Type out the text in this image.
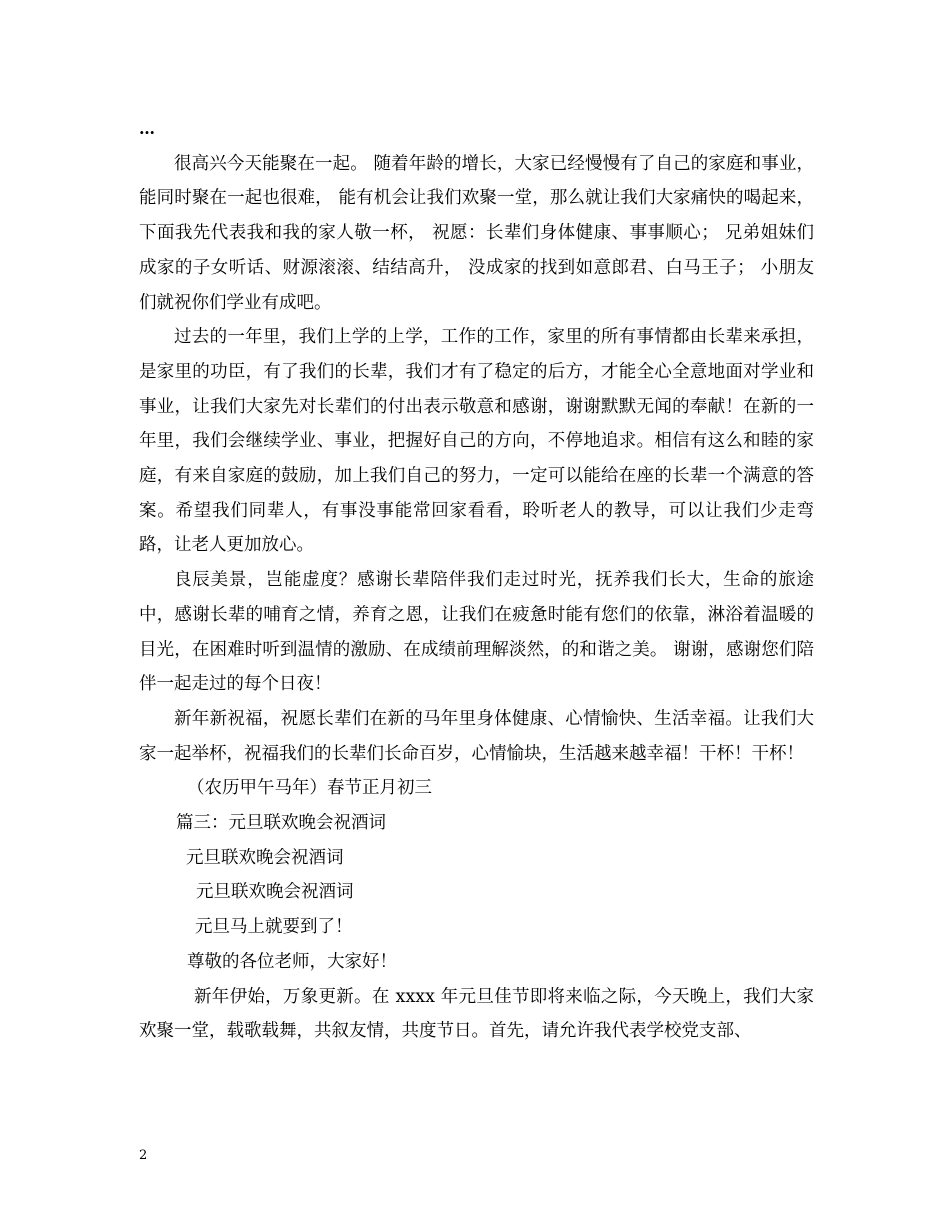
…

很高兴今天能聚在一起。 随着年龄的增长，大家已经慢慢有了自己的家庭和事业，能同时聚在一起也很难， 能有机会让我们欢聚一堂，那么就让我们大家痛快的喝起来，下面我先代表我和我的家人敬一杯， 祝愿：长辈们身体健康、事事顺心； 兄弟姐妹们成家的子女听话、财源滚滚、结结高升， 没成家的找到如意郎君、白马王子； 小朋友们就祝你们学业有成吧。

过去的一年里，我们上学的上学，工作的工作，家里的所有事情都由长辈来承担，是家里的功臣，有了我们的长辈，我们才有了稳定的后方，才能全心全意地面对学业和事业，让我们大家先对长辈们的付出表示敬意和感谢，谢谢默默无闻的奉献！在新的一年里，我们会继续学业、事业，把握好自己的方向，不停地追求。相信有这么和睦的家庭，有来自家庭的鼓励，加上我们自己的努力，一定可以能给在座的长辈一个满意的答案。希望我们同辈人，有事没事能常回家看看，聆听老人的教导，可以让我们少走弯路，让老人更加放心。

良辰美景，岂能虚度？感谢长辈陪伴我们走过时光，抚养我们长大，生命的旅途中，感谢长辈的哺育之情，养育之恩，让我们在疲惫时能有您们的依靠，淋浴着温暖的目光，在困难时听到温情的激励、在成绩前理解淡然，的和谐之美。 谢谢，感谢您们陪伴一起走过的每个日夜！

新年新祝福，祝愿长辈们在新的马年里身体健康、心情愉快、生活幸福。让我们大家一起举杯，祝福我们的长辈们长命百岁，心情愉块，生活越来越幸福！干杯！干杯！

（农历甲午马年）春节正月初三

篇三：元旦联欢晚会祝酒词

元旦联欢晚会祝酒词

元旦联欢晚会祝酒词

元旦马上就要到了！

尊敬的各位老师，大家好！

新年伊始，万象更新。在 xxxx 年元旦佳节即将来临之际，今天晚上，我们大家欢聚一堂，载歌载舞，共叙友情，共度节日。首先，请允许我代表学校党支部、

2
